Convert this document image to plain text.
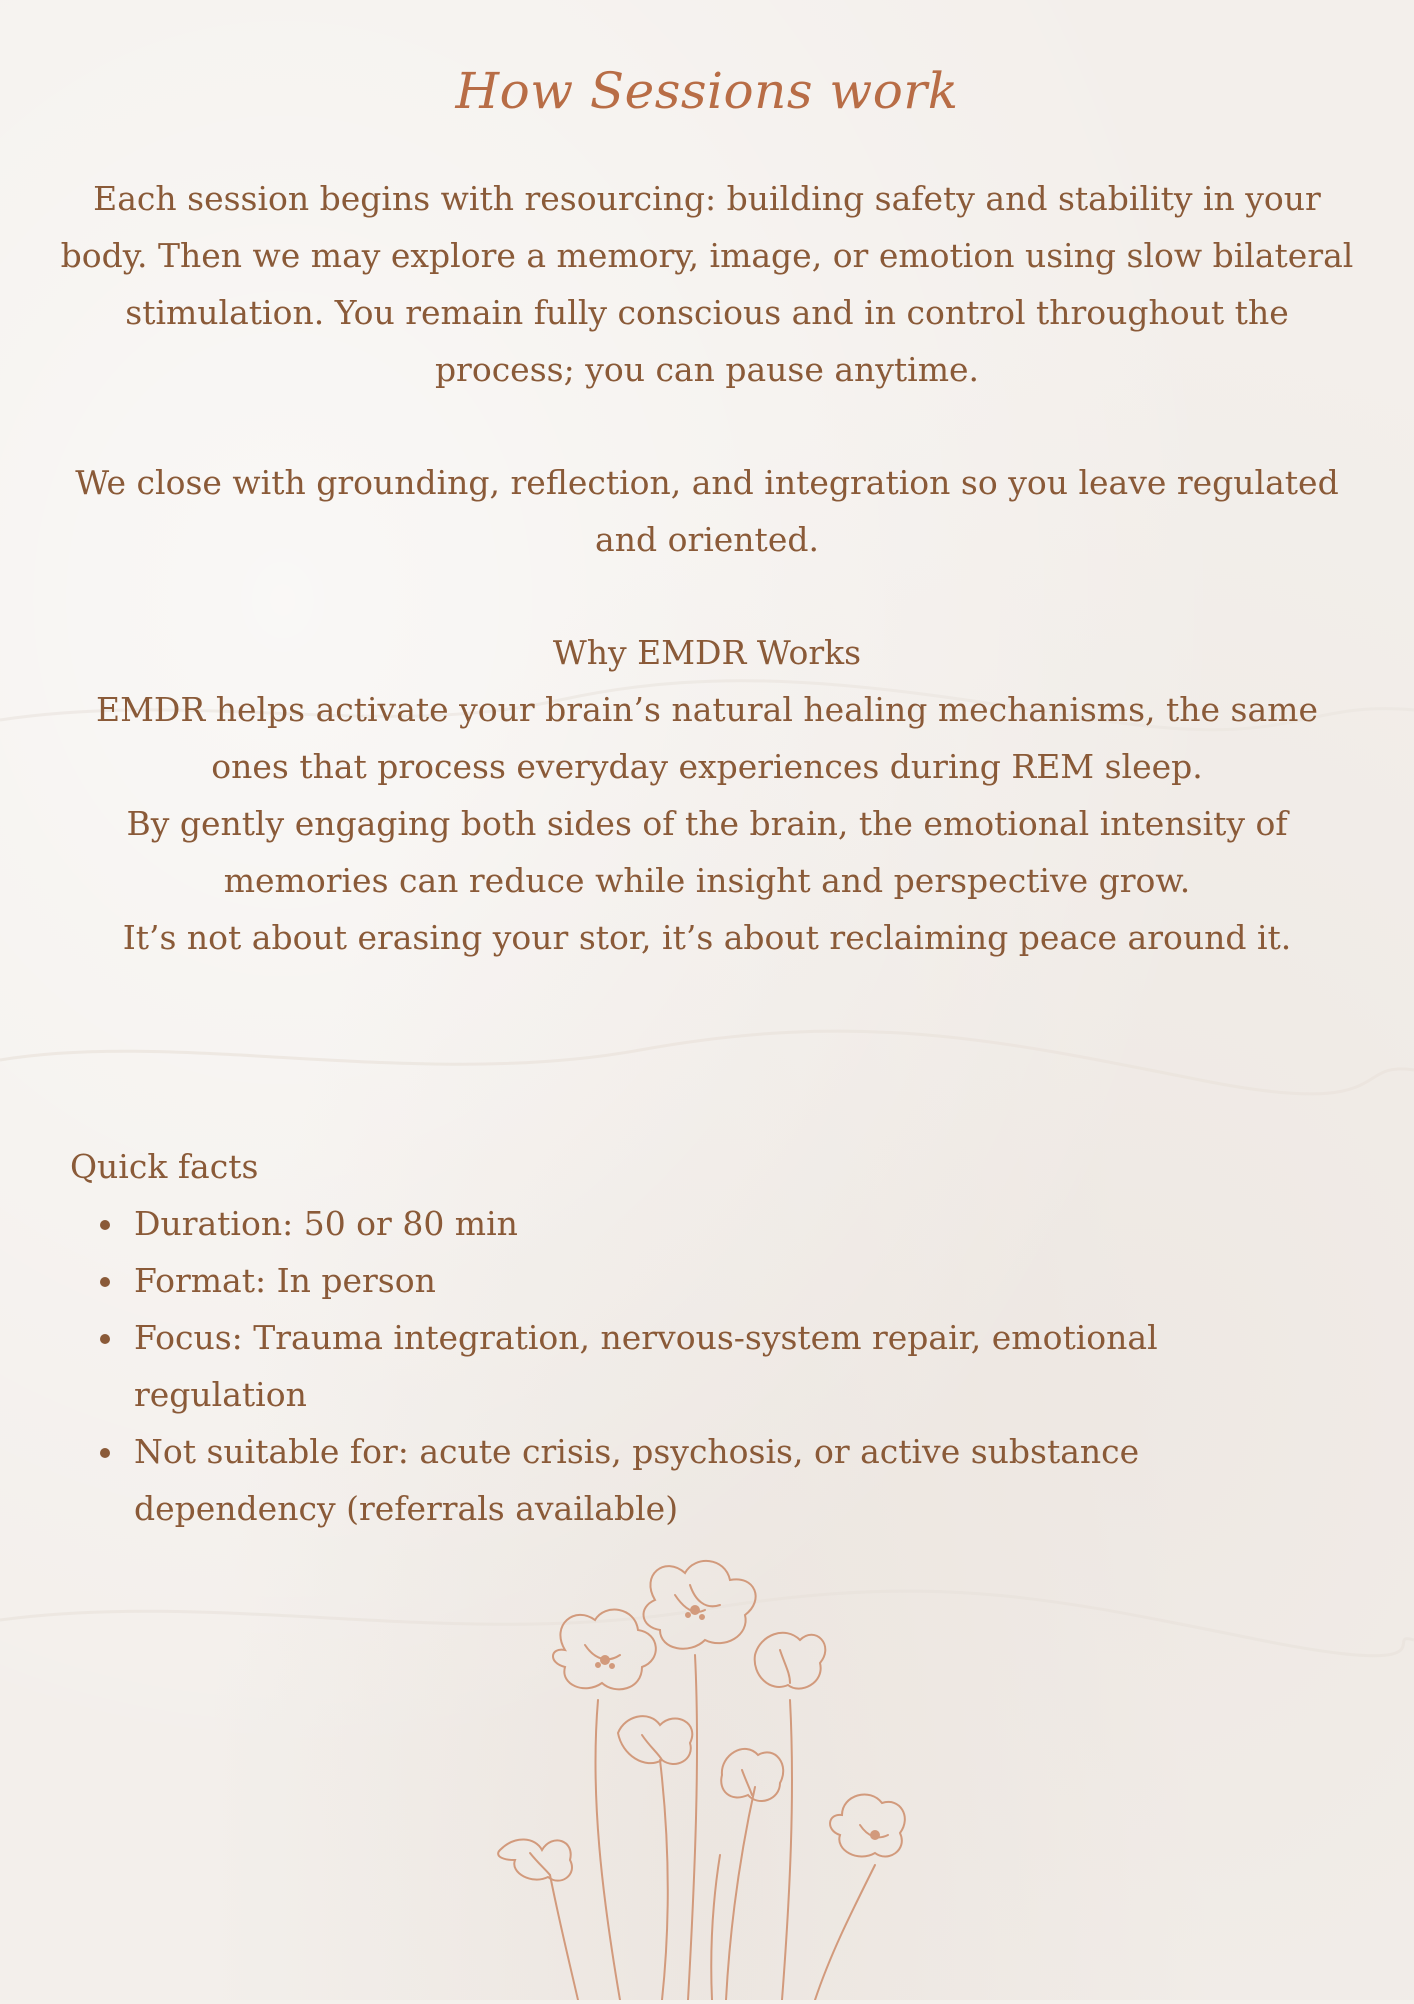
How Sessions work
Each session begins with resourcing: building safety and stability in your body. Then we may explore a memory, image, or emotion using slow bilateral stimulation. You remain fully conscious and in control throughout the process; you can pause anytime.
We close with grounding, reflection, and integration so you leave regulated and oriented.
Why EMDR Works
EMDR helps activate your brain’s natural healing mechanisms, the same ones that process everyday experiences during REM sleep.
By gently engaging both sides of the brain, the emotional intensity of memories can reduce while insight and perspective grow.
It’s not about erasing your stor, it’s about reclaiming peace around it.
Quick facts
Duration: 50 or 80 min
Format: In person
Focus: Trauma integration, nervous-system repair, emotional regulation
Not suitable for: acute crisis, psychosis, or active substance dependency (referrals available)
